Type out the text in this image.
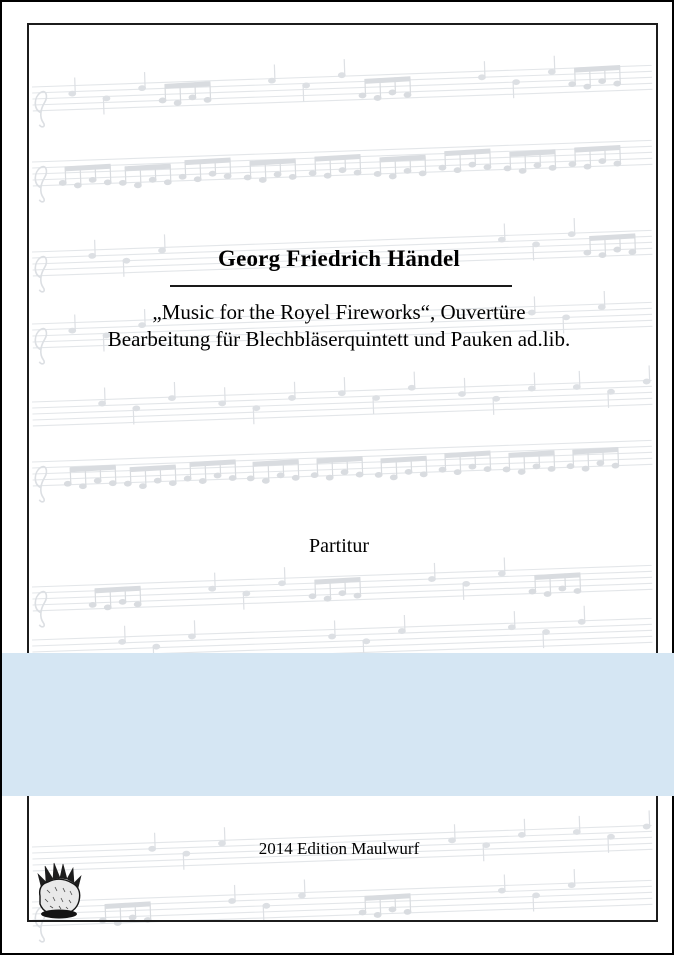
Georg Friedrich Händel
„Music for the Royel Fireworks“, Ouvertüre
Bearbeitung für Blechbläserquintett und Pauken ad.lib.
Partitur
2014 Edition Maulwurf
